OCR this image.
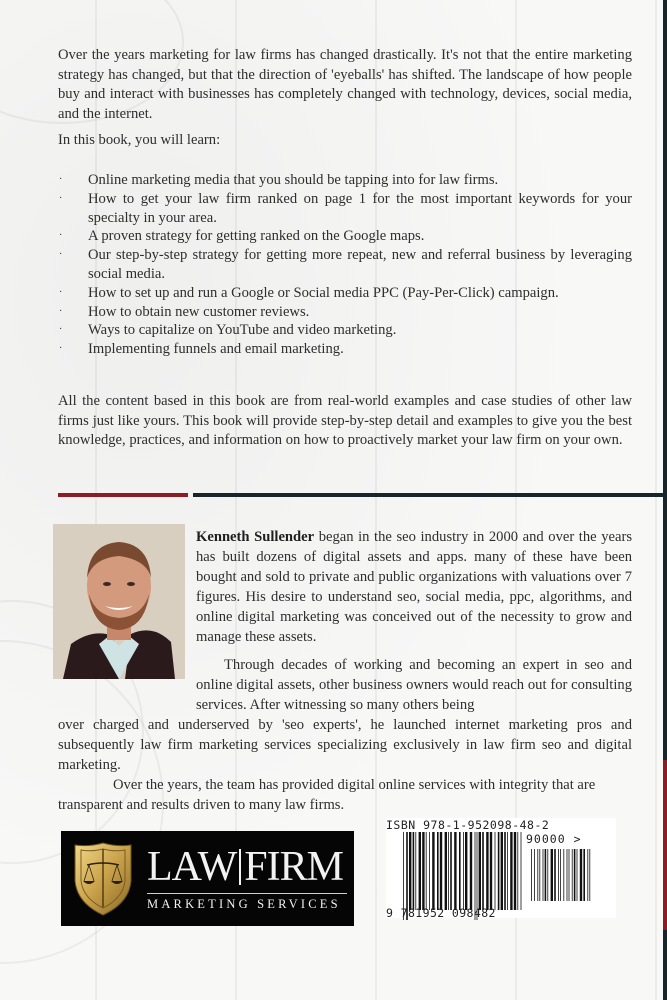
Over the years marketing for law firms has changed drastically. It's not that the entire marketing strategy has changed, but that the direction of 'eyeballs' has shifted. The landscape of how people buy and interact with businesses has completely changed with technology, devices, social media, and the internet.

In this book, you will learn:

·	Online marketing media that you should be tapping into for law firms.
·	How to get your law firm ranked on page 1 for the most important keywords for your specialty in your area.
·	A proven strategy for getting ranked on the Google maps.
·	Our step-by-step strategy for getting more repeat, new and referral business by leveraging social media.
·	How to set up and run a Google or Social media PPC (Pay-Per-Click) campaign.
·	How to obtain new customer reviews.
·	Ways to capitalize on YouTube and video marketing.
·	Implementing funnels and email marketing.

All the content based in this book are from real-world examples and case studies of other law firms just like yours. This book will provide step-by-step detail and examples to give you the best knowledge, practices, and information on how to proactively market your law firm on your own.

Kenneth Sullender began in the seo industry in 2000 and over the years has built dozens of digital assets and apps. many of these have been bought and sold to private and public organizations with valuations over 7 figures. His desire to understand seo, social media, ppc, algorithms, and online digital marketing was conceived out of the necessity to grow and manage these assets.

Through decades of working and becoming an expert in seo and online digital assets, other business owners would reach out for consulting services. After witnessing so many others being

over charged and underserved by 'seo experts', he launched internet marketing pros and subsequently law firm marketing services specializing exclusively in law firm seo and digital marketing.

Over the years, the team has provided digital online services with integrity that are transparent and results driven to many law firms.

LAW FIRM
MARKETING SERVICES
ISBN 978-1-952098-48-2
90000 >
9 781952 098482
